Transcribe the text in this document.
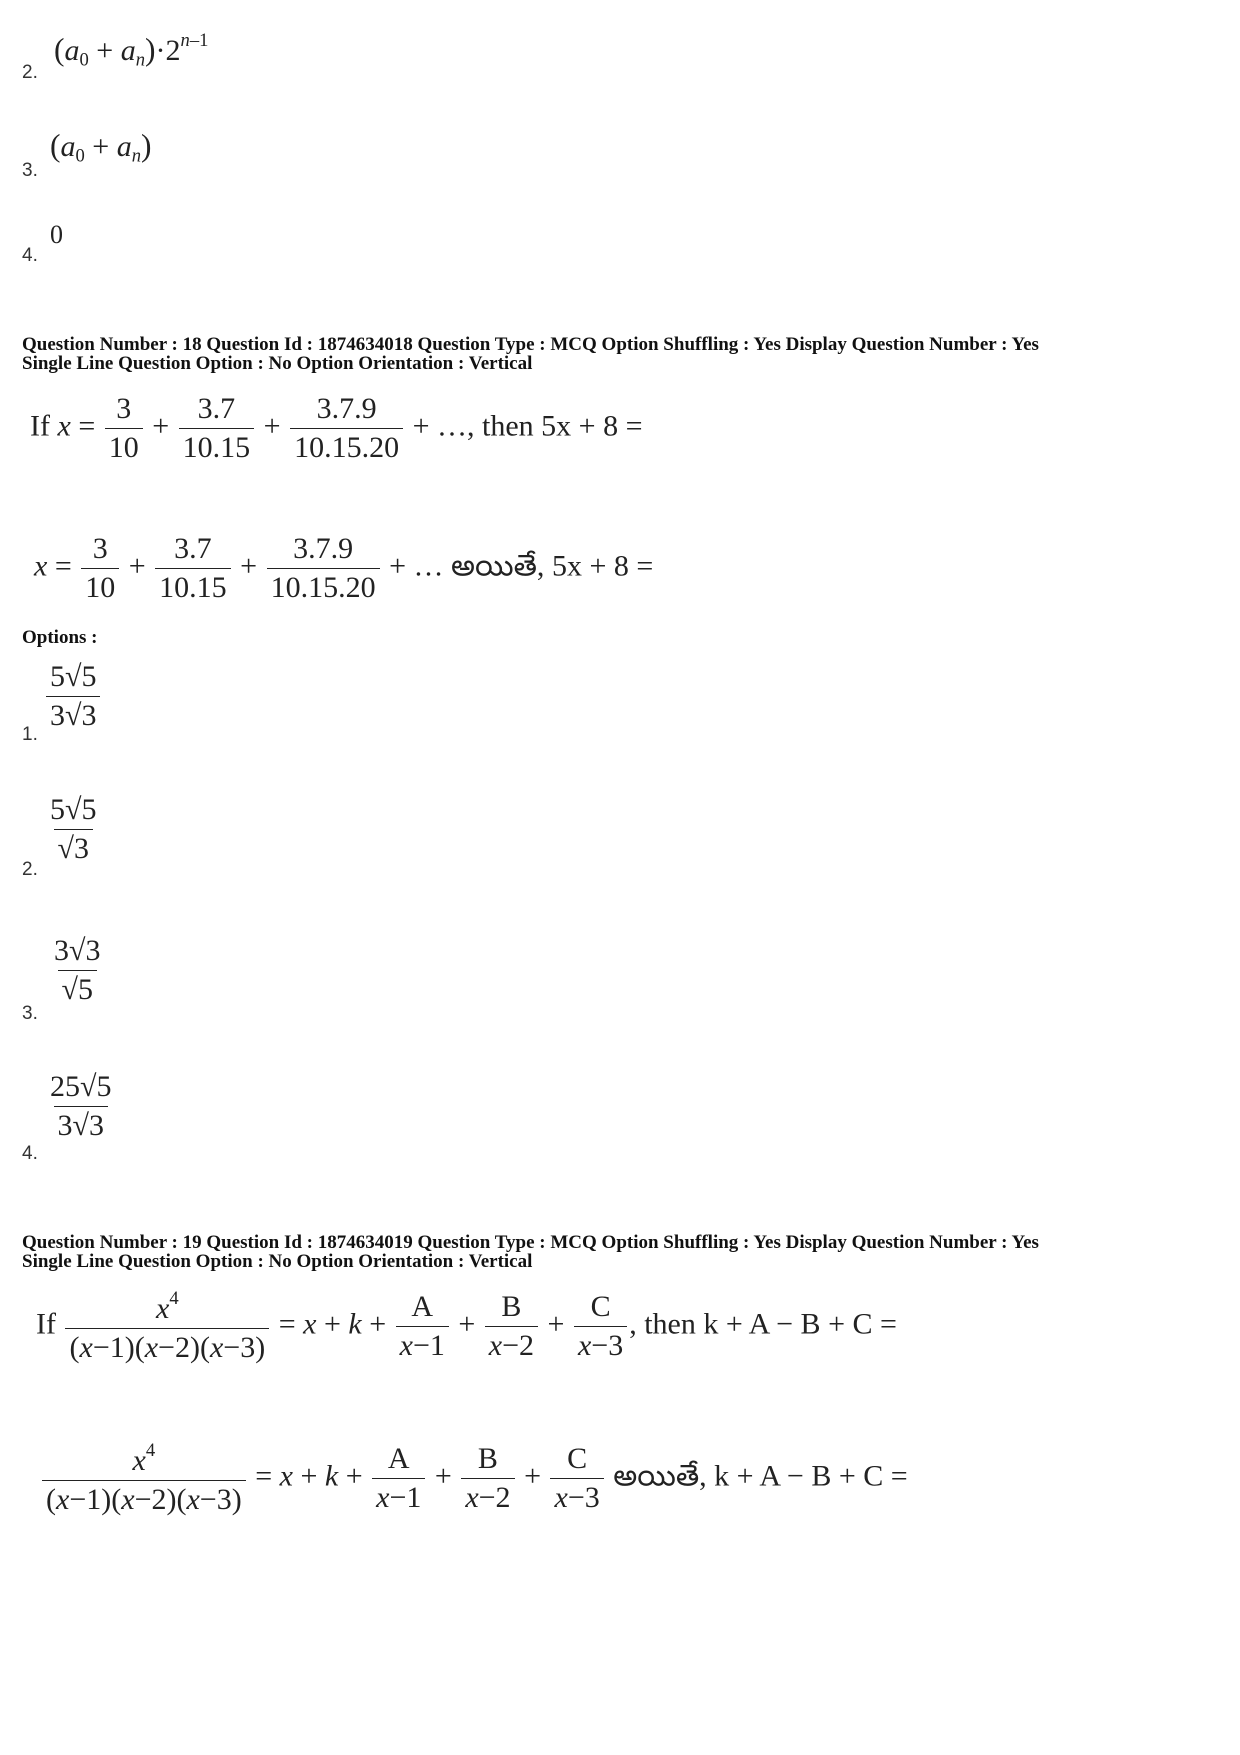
2.
$(a_0 + a_n)\cdot 2^{n-1}$
3.
$(a_0 + a_n)$
4.
0
Question Number : 18 Question Id : 1874634018 Question Type : MCQ Option Shuffling : Yes Display Question Number : Yes
Single Line Question Option : No Option Orientation : Vertical
If $x = \frac{3}{10} + \frac{3.7}{10.15} + \frac{3.7.9}{10.15.20}$ + …, then 5x + 8 =
$x = \frac{3}{10} + \frac{3.7}{10.15} + \frac{3.7.9}{10.15.20}$ + … అయితే, 5x + 8 =
Options :
$\frac{5√5}{3√3}$
1.
$\frac{5√5}{√3}$
2.
$\frac{3√3}{√5}$
3.
$\frac{25√5}{3√3}$
4.
Question Number : 19 Question Id : 1874634019 Question Type : MCQ Option Shuffling : Yes Display Question Number : Yes
Single Line Question Option : No Option Orientation : Vertical
If $\frac{x^4}{(x-1)(x-2)(x-3)} = x + k + \frac{A}{x-1} + \frac{B}{x-2} + \frac{C}{x-3}$ , then k + A − B + C =
$\frac{x^4}{(x-1)(x-2)(x-3)} = x + k + \frac{A}{x-1} + \frac{B}{x-2} + \frac{C}{x-3}$ అయితే, k + A − B + C =
